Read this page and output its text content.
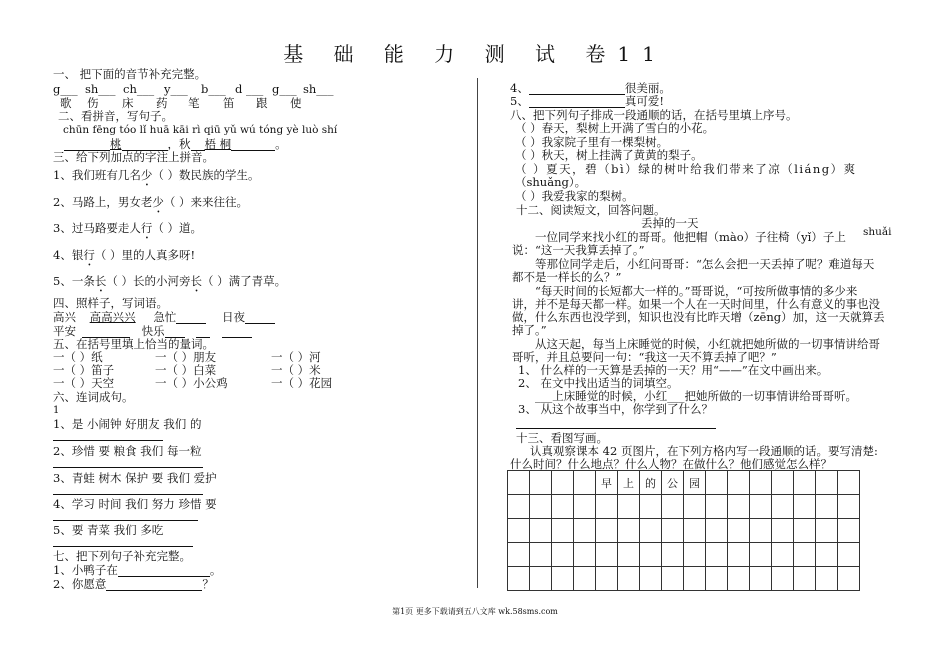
基 础 能 力 测 试 卷11
一、 把下面的音节补充完整。
g___ sh___ ch___ y___ b___ d ___ g___ sh___
歌 伤 床 药 笔 笛 跟 使
二、看拼音，写句子。
chūn fēng tóo lǐ huā kāi rì qiū yǔ wú tóng yè luò shí
桃	，秋 梧 桐	。
三、给下列加点的字注上拼音。
1、我们班有几名少（ ）数民族的学生。
2、马路上，男女老少（ ）来来往往。
3、过马路要走人行（ ）道。
4、银行（ ）里的人真多呀!
5、一条长（ ）长的小河旁长（ ）满了青草。
四、照样子，写词语。
高兴 高高兴兴 急忙	日夜
平安	快乐
五、在括号里填上恰当的量词。
一（ ）纸	一（ ）朋友	一（ ）河
一（ ）笛子	一（ ）白菜	一（ ）米
一（ ）天空	一（ ）小公鸡	一（ ）花园
六、连词成句。
1
1、是 小闹钟 好朋友 我们 的
2、珍惜 要 粮食 我们 每一粒
3、青蛙 树木 保护 要 我们 爱护
4、学习 时间 我们 努力 珍惜 要
5、要 青菜 我们 多吃
七、把下列句子补充完整。
1、小鸭子在	。
2、你愿意	？
4、	很美丽。
5、	真可爱!
八、把下列句子排成一段通顺的话，在括号里填上序号。
（ ）春天，梨树上开满了雪白的小花。
（ ）我家院子里有一棵梨树。
（ ）秋天，树上挂满了黄黄的梨子。
（ ）夏天，碧（bì）绿的树叶给我们带来了凉（liáng）爽
（shuǎng）。
（ ）我爱我家的梨树。
十二、阅读短文，回答问题。
丢掉的一天
shuǎi
一位同学来找小红的哥哥。他把帽（mào）子往椅（yǐ）子上
说：“这一天我算丢掉了。”
等那位同学走后，小红问哥哥：“怎么会把一天丢掉了呢？难道每天
都不是一样长的么？”
“每天时间的长短都大一样的。”哥哥说，“可按所做事情的多少来
讲，并不是每天都一样。如果一个人在一天时间里，什么有意义的事也没
做，什么东西也没学到，知识也没有比昨天增（zēng）加，这一天就算丢
掉了。”
从这天起，每当上床睡觉的时候，小红就把她所做的一切事情讲给哥
哥听，并且总要问一句：“我这一天不算丢掉了吧？”
1、 什么样的一天算是丢掉的一天？用“——”在文中画出来。
2、 在文中找出适当的词填空。
___上床睡觉的时候，小红___把她所做的一切事情讲给哥哥听。
3、 从这个故事当中，你学到了什么？
十三、看图写画。
认真观察课本 42 页图片，在下列方格内写一段通顺的话。要写清楚:
什么时间？什么地点？什么人物？在做什么？他们感觉怎么样？
				早	上	的	公	园							

第1页 更多下载请到五八文库 wk.58sms.com
